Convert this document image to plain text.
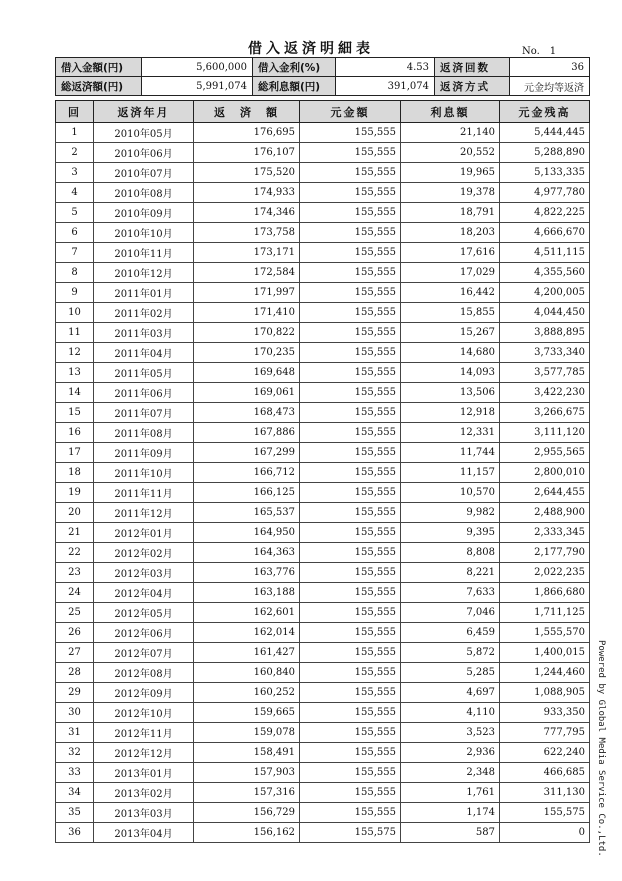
借入返済明細表	No.　1
借入金額(円)	5,600,000	借入金利(%)	4.53	返済回数	36
総返済額(円)	5,991,074	総利息額(円)	391,074	返済方式	元金均等返済
回	返済年月	返　済　額	元金額	利息額	元金残高
1	2010年05月	176,695	155,555	21,140	5,444,445
2	2010年06月	176,107	155,555	20,552	5,288,890
3	2010年07月	175,520	155,555	19,965	5,133,335
4	2010年08月	174,933	155,555	19,378	4,977,780
5	2010年09月	174,346	155,555	18,791	4,822,225
6	2010年10月	173,758	155,555	18,203	4,666,670
7	2010年11月	173,171	155,555	17,616	4,511,115
8	2010年12月	172,584	155,555	17,029	4,355,560
9	2011年01月	171,997	155,555	16,442	4,200,005
10	2011年02月	171,410	155,555	15,855	4,044,450
11	2011年03月	170,822	155,555	15,267	3,888,895
12	2011年04月	170,235	155,555	14,680	3,733,340
13	2011年05月	169,648	155,555	14,093	3,577,785
14	2011年06月	169,061	155,555	13,506	3,422,230
15	2011年07月	168,473	155,555	12,918	3,266,675
16	2011年08月	167,886	155,555	12,331	3,111,120
17	2011年09月	167,299	155,555	11,744	2,955,565
18	2011年10月	166,712	155,555	11,157	2,800,010
19	2011年11月	166,125	155,555	10,570	2,644,455
20	2011年12月	165,537	155,555	9,982	2,488,900
21	2012年01月	164,950	155,555	9,395	2,333,345
22	2012年02月	164,363	155,555	8,808	2,177,790
23	2012年03月	163,776	155,555	8,221	2,022,235
24	2012年04月	163,188	155,555	7,633	1,866,680
25	2012年05月	162,601	155,555	7,046	1,711,125
26	2012年06月	162,014	155,555	6,459	1,555,570
27	2012年07月	161,427	155,555	5,872	1,400,015
28	2012年08月	160,840	155,555	5,285	1,244,460
29	2012年09月	160,252	155,555	4,697	1,088,905
30	2012年10月	159,665	155,555	4,110	933,350
31	2012年11月	159,078	155,555	3,523	777,795
32	2012年12月	158,491	155,555	2,936	622,240
33	2013年01月	157,903	155,555	2,348	466,685
34	2013年02月	157,316	155,555	1,761	311,130
35	2013年03月	156,729	155,555	1,174	155,575
36	2013年04月	156,162	155,575	587	0 Powered by Global Media Service Co.,Ltd.
